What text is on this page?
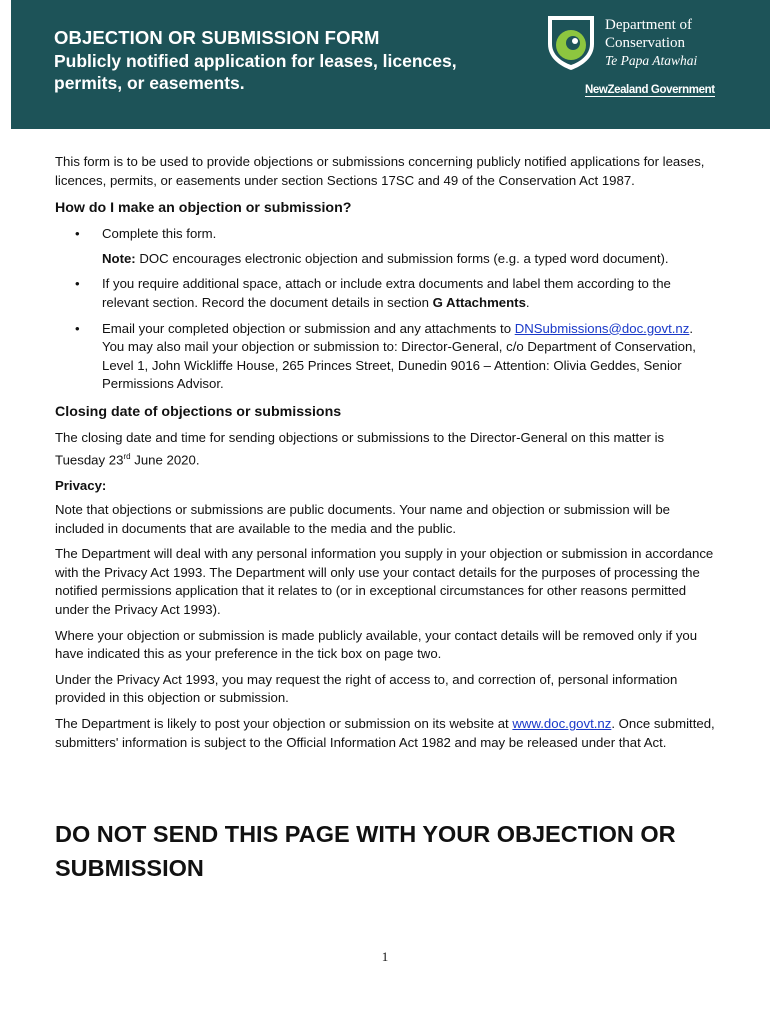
OBJECTION OR SUBMISSION FORM
Publicly notified application for leases, licences, permits, or easements.
Department of
Conservation
Te Papa Atawhai
NewZealand Government

This form is to be used to provide objections or submissions concerning publicly notified applications for leases, licences, permits, or easements under section Sections 17SC and 49 of the Conservation Act 1987.

How do I make an objection or submission?
• Complete this form.

Note: DOC encourages electronic objection and submission forms (e.g. a typed word document).

• If you require additional space, attach or include extra documents and label them according to the relevant section. Record the document details in section G Attachments.
• Email your completed objection or submission and any attachments to DNSubmissions@doc.govt.nz. You may also mail your objection or submission to: Director-General, c/o Department of Conservation, Level 1, John Wickliffe House, 265 Princes Street, Dunedin 9016 – Attention: Olivia Geddes, Senior Permissions Advisor.
Closing date of objections or submissions

The closing date and time for sending objections or submissions to the Director-General on this matter is Tuesday 23rd June 2020.

Privacy:

Note that objections or submissions are public documents. Your name and objection or submission will be included in documents that are available to the media and the public.

The Department will deal with any personal information you supply in your objection or submission in accordance with the Privacy Act 1993. The Department will only use your contact details for the purposes of processing the notified permissions application that it relates to (or in exceptional circumstances for other reasons permitted under the Privacy Act 1993).

Where your objection or submission is made publicly available, your contact details will be removed only if you have indicated this as your preference in the tick box on page two.

Under the Privacy Act 1993, you may request the right of access to, and correction of, personal information provided in this objection or submission.

The Department is likely to post your objection or submission on its website at www.doc.govt.nz. Once submitted, submitters' information is subject to the Official Information Act 1982 and may be released under that Act.

DO NOT SEND THIS PAGE WITH YOUR OBJECTION OR SUBMISSION
1
